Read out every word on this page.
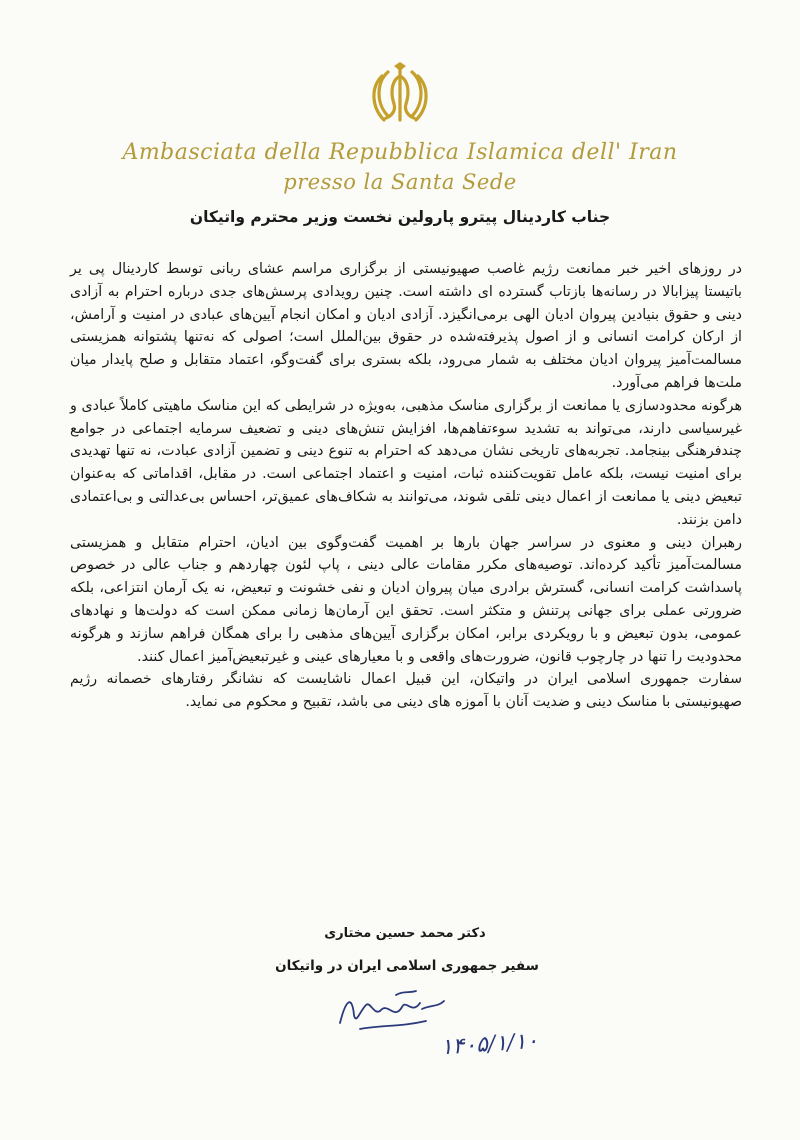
Ambasciata della Repubblica Islamica dell' Iran
presso la Santa Sede
جناب کاردینال پیترو پارولین نخست وزیر محترم واتیکان

در روزهای اخیر خبر ممانعت رژیم غاصب صهیونیستی از برگزاری مراسم عشای ربانی توسط کاردینال پی یر باتیستا پیزابالا در رسانه‌ها بازتاب گسترده ای داشته است. چنین رویدادی پرسش‌های جدی درباره احترام به آزادی دینی و حقوق بنیادین پیروان ادیان الهی برمی‌انگیزد. آزادی ادیان و امکان انجام آیین‌های عبادی در امنیت و آرامش، از ارکان کرامت انسانی و از اصول پذیرفته‌شده در حقوق بین‌الملل است؛ اصولی که نه‌تنها پشتوانه همزیستی مسالمت‌آمیز پیروان ادیان مختلف به شمار می‌رود، بلکه بستری برای گفت‌وگو، اعتماد متقابل و صلح پایدار میان ملت‌ها فراهم می‌آورد.

هرگونه محدودسازی یا ممانعت از برگزاری مناسک مذهبی، به‌ویژه در شرایطی که این مناسک ماهیتی کاملاً عبادی و غیرسیاسی دارند، می‌تواند به تشدید سوءتفاهم‌ها، افزایش تنش‌های دینی و تضعیف سرمایه اجتماعی در جوامع چندفرهنگی بینجامد. تجربه‌های تاریخی نشان می‌دهد که احترام به تنوع دینی و تضمین آزادی عبادت، نه تنها تهدیدی برای امنیت نیست، بلکه عامل تقویت‌کننده ثبات، امنیت و اعتماد اجتماعی است. در مقابل، اقداماتی که به‌عنوان تبعیض دینی یا ممانعت از اعمال دینی تلقی شوند، می‌توانند به شکاف‌های عمیق‌تر، احساس بی‌عدالتی و بی‌اعتمادی دامن بزنند.

رهبران دینی و معنوی در سراسر جهان بارها بر اهمیت گفت‌وگوی بین ادیان، احترام متقابل و همزیستی مسالمت‌آمیز تأکید کرده‌اند. توصیه‌های مکرر مقامات عالی دینی ، پاپ لئون چهاردهم و جناب عالی در خصوص پاسداشت کرامت انسانی، گسترش برادری میان پیروان ادیان و نفی خشونت و تبعیض، نه یک آرمان انتزاعی، بلکه ضرورتی عملی برای جهانی پرتنش و متکثر است. تحقق این آرمان‌ها زمانی ممکن است که دولت‌ها و نهادهای عمومی، بدون تبعیض و با رویکردی برابر، امکان برگزاری آیین‌های مذهبی را برای همگان فراهم سازند و هرگونه محدودیت را تنها در چارچوب قانون، ضرورت‌های واقعی و با معیارهای عینی و غیرتبعیض‌آمیز اعمال کنند.

سفارت جمهوری اسلامی ایران در واتیکان، این قبیل اعمال ناشایست که نشانگر رفتارهای خصمانه رژیم صهیونیستی با مناسک دینی و ضدیت آنان با آموزه های دینی می باشد، تقبیح و محکوم می نماید.

دکتر محمد حسین مختاری
سفیر جمهوری اسلامی ایران در واتیکان
۱۴۰۵/۱/۱۰
